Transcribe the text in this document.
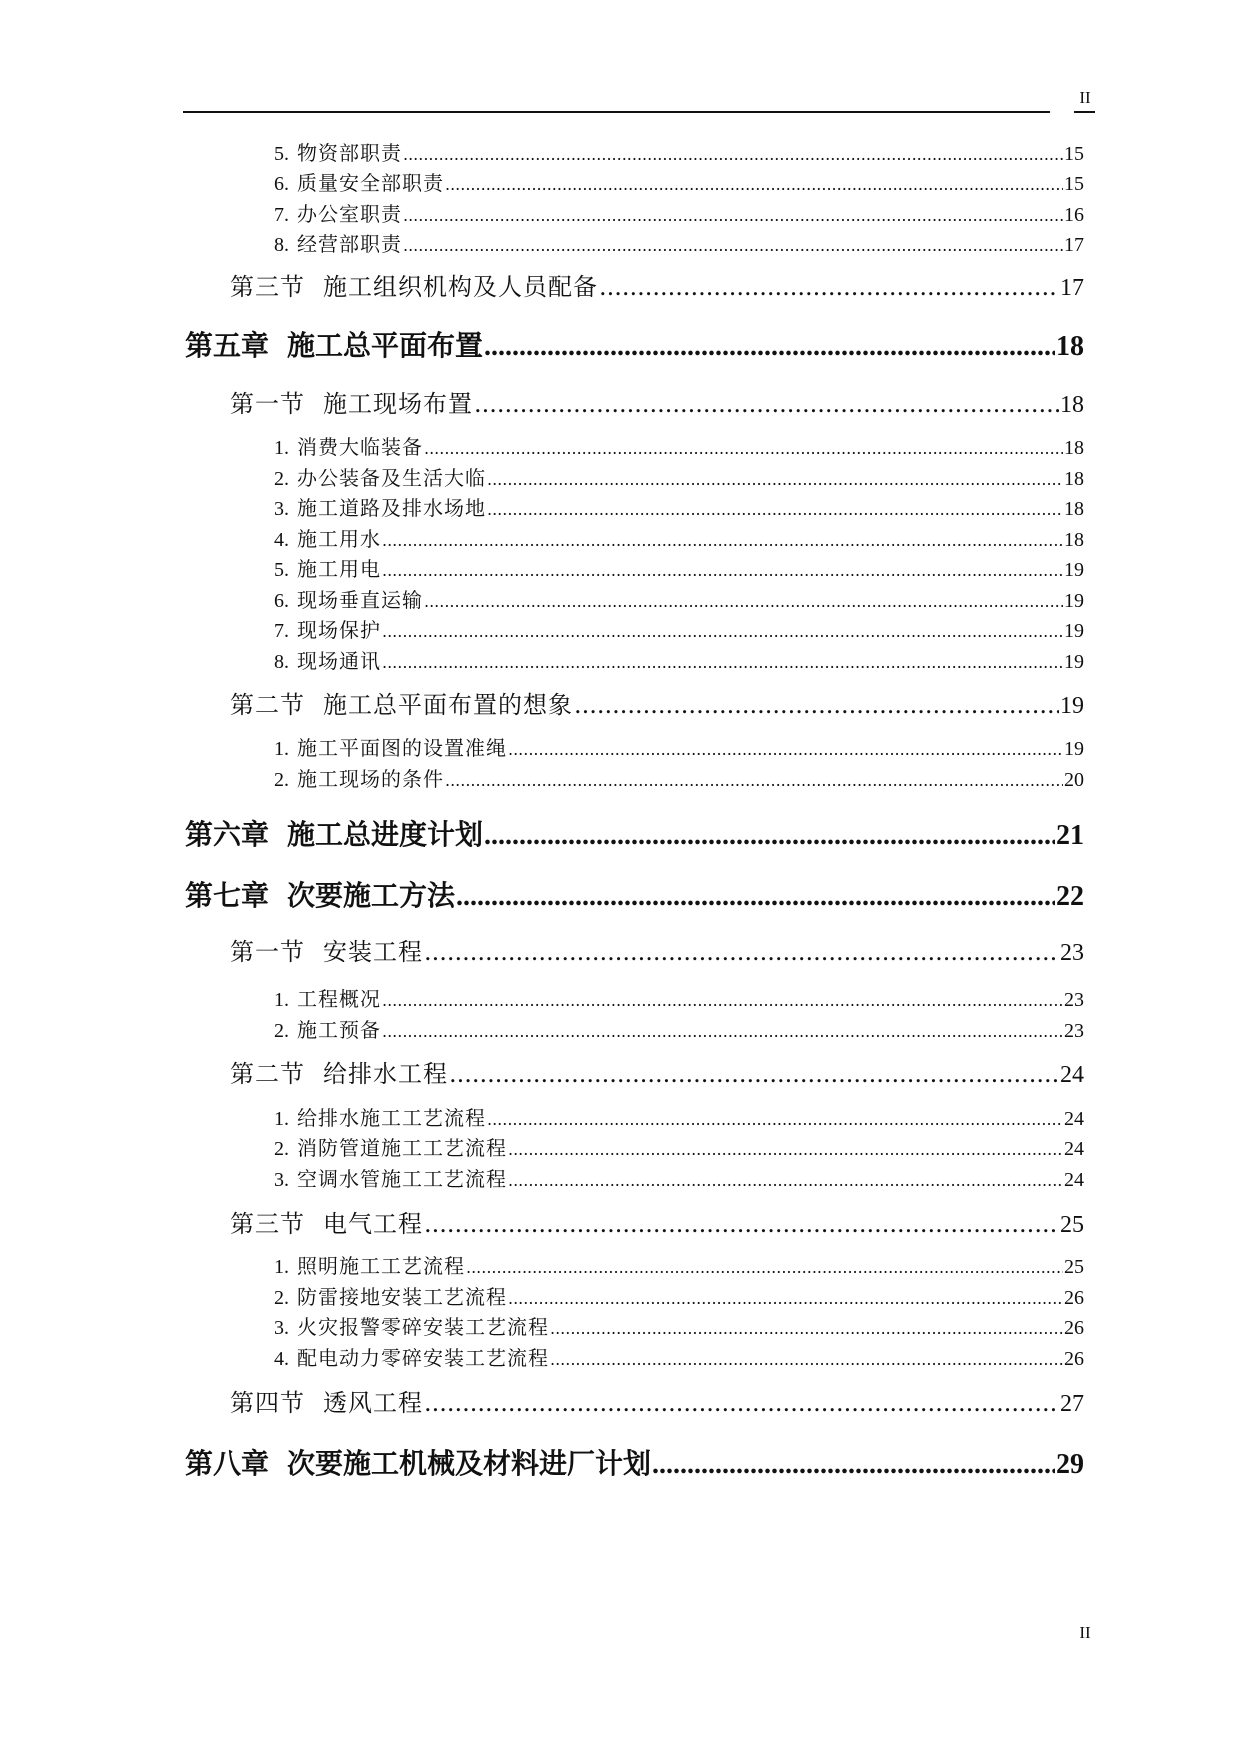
II
5. 物资部职责 .....	15
6. 质量安全部职责 .....	15
7. 办公室职责 .....	16
8. 经营部职责 .....	17
第三节 施工组织机构及人员配备 .....	17
第五章 施工总平面布置 .....	18
第一节 施工现场布置 .....	18
1. 消费大临装备 .....	18
2. 办公装备及生活大临 .....	18
3. 施工道路及排水场地 .....	18
4. 施工用水 .....	18
5. 施工用电 .....	19
6. 现场垂直运输 .....	19
7. 现场保护 .....	19
8. 现场通讯 .....	19
第二节 施工总平面布置的想象 .....	19
1. 施工平面图的设置准绳 .....	19
2. 施工现场的条件 .....	20
第六章 施工总进度计划 .....	21
第七章 次要施工方法 .....	22
第一节 安装工程 .....	23
1. 工程概况 .....	23
2. 施工预备 .....	23
第二节 给排水工程 .....	24
1. 给排水施工工艺流程 .....	24
2. 消防管道施工工艺流程 .....	24
3. 空调水管施工工艺流程 .....	24
第三节 电气工程 .....	25
1. 照明施工工艺流程 .....	25
2. 防雷接地安装工艺流程 .....	26
3. 火灾报警零碎安装工艺流程 .....	26
4. 配电动力零碎安装工艺流程 .....	26
第四节 透风工程 .....	27
第八章 次要施工机械及材料进厂计划 .....	29
II
